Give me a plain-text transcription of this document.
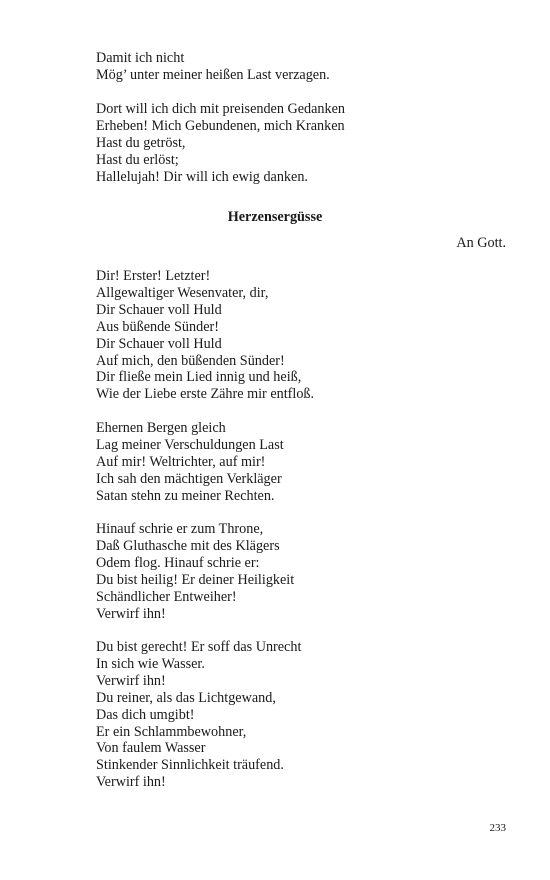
Damit ich nicht
Mög’ unter meiner heißen Last verzagen.
Dort will ich dich mit preisenden Gedanken
Erheben! Mich Gebundenen, mich Kranken
Hast du getröst,
Hast du erlöst;
Hallelujah! Dir will ich ewig danken.
Herzensergüsse
An Gott.
Dir! Erster! Letzter!
Allgewaltiger Wesenvater, dir,
Dir Schauer voll Huld
Aus büßende Sünder!
Dir Schauer voll Huld
Auf mich, den büßenden Sünder!
Dir fließe mein Lied innig und heiß,
Wie der Liebe erste Zähre mir entfloß.
Ehernen Bergen gleich
Lag meiner Verschuldungen Last
Auf mir! Weltrichter, auf mir!
Ich sah den mächtigen Verkläger
Satan stehn zu meiner Rechten.
Hinauf schrie er zum Throne,
Daß Gluthasche mit des Klägers
Odem flog. Hinauf schrie er:
Du bist heilig! Er deiner Heiligkeit
Schändlicher Entweiher!
Verwirf ihn!
Du bist gerecht! Er soff das Unrecht
In sich wie Wasser.
Verwirf ihn!
Du reiner, als das Lichtgewand,
Das dich umgibt!
Er ein Schlammbewohner,
Von faulem Wasser
Stinkender Sinnlichkeit träufend.
Verwirf ihn!
233
